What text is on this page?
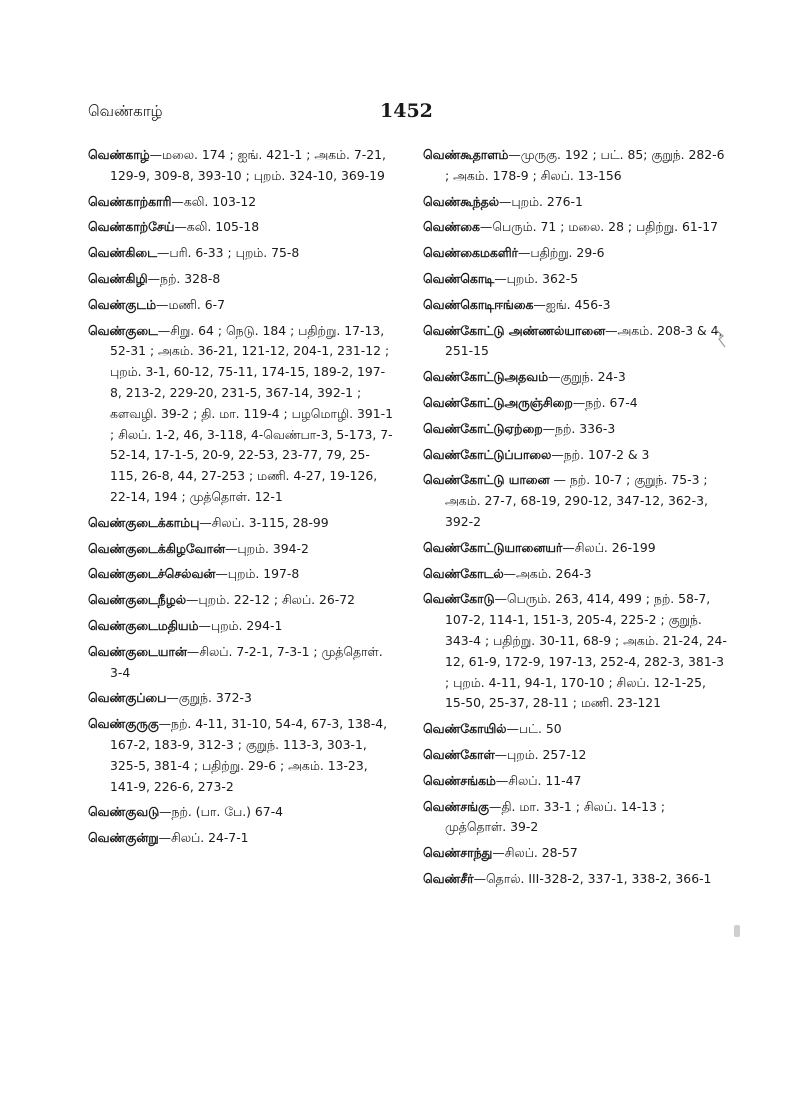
வெண்காழ்	1452

வெண்காழ்—மலை. 174 ; ஐங். 421-1 ; அகம். 7-21, 129-9, 309-8, 393-10 ; புறம். 324-10, 369-19

வெண்காற்காரி—கலி. 103-12

வெண்காற்சேய்—கலி. 105-18

வெண்கிடை—பரி. 6-33 ; புறம். 75-8

வெண்கிழி—நற். 328-8

வெண்குடம்—மணி. 6-7

வெண்குடை—சிறு. 64 ; நெடு. 184 ; பதிற்று. 17-13, 52-31 ; அகம். 36-21, 121-12, 204-1, 231-12 ; புறம். 3-1, 60-12, 75-11, 174-15, 189-2, 197-8, 213-2, 229-20, 231-5, 367-14, 392-1 ; களவழி. 39-2 ; தி. மா. 119-4 ; பழமொழி. 391-1 ; சிலப். 1-2, 46, 3-118, 4-வெண்பா-3, 5-173, 7-52-14, 17-1-5, 20-9, 22-53, 23-77, 79, 25-115, 26-8, 44, 27-253 ; மணி. 4-27, 19-126, 22-14, 194 ; முத்தொள். 12-1

வெண்குடைக்காம்பு—சிலப். 3-115, 28-99

வெண்குடைக்கிழவோன்—புறம். 394-2

வெண்குடைச்செல்வன்—புறம். 197-8

வெண்குடைநீழல்—புறம். 22-12 ; சிலப். 26-72

வெண்குடைமதியம்—புறம். 294-1

வெண்குடையான்—சிலப். 7-2-1, 7-3-1 ; முத்தொள். 3-4

வெண்குப்பை—குறுந். 372-3

வெண்குருகு—நற். 4-11, 31-10, 54-4, 67-3, 138-4, 167-2, 183-9, 312-3 ; குறுந். 113-3, 303-1, 325-5, 381-4 ; பதிற்று. 29-6 ; அகம். 13-23, 141-9, 226-6, 273-2

வெண்குவடு—நற். (பா. பே.) 67-4

வெண்குன்று—சிலப். 24-7-1

வெண்கூதாளம்—முருகு. 192 ; பட். 85; குறுந். 282-6 ; அகம். 178-9 ; சிலப். 13-156

வெண்கூந்தல்—புறம். 276-1

வெண்கை—பெரும். 71 ; மலை. 28 ; பதிற்று. 61-17

வெண்கைமகளிர்—பதிற்று. 29-6

வெண்கொடி—புறம். 362-5

வெண்கொடிஈங்கை—ஐங். 456-3

வெண்கோட்டு அண்ணல்யானை—அகம். 208-3 & 4, 251-15

வெண்கோட்டுஅதவம்—குறுந். 24-3

வெண்கோட்டுஅருஞ்சிறை—நற். 67-4

வெண்கோட்டுஏற்றை—நற். 336-3

வெண்கோட்டுப்பாலை—நற். 107-2 & 3

வெண்கோட்டு யானை — நற். 10-7 ; குறுந். 75-3 ; அகம். 27-7, 68-19, 290-12, 347-12, 362-3, 392-2

வெண்கோட்டுயானையர்—சிலப். 26-199

வெண்கோடல்—அகம். 264-3

வெண்கோடு—பெரும். 263, 414, 499 ; நற். 58-7, 107-2, 114-1, 151-3, 205-4, 225-2 ; குறுந். 343-4 ; பதிற்று. 30-11, 68-9 ; அகம். 21-24, 24-12, 61-9, 172-9, 197-13, 252-4, 282-3, 381-3 ; புறம். 4-11, 94-1, 170-10 ; சிலப். 12-1-25, 15-50, 25-37, 28-11 ; மணி. 23-121

வெண்கோயில்—பட். 50

வெண்கோள்—புறம். 257-12

வெண்சங்கம்—சிலப். 11-47

வெண்சங்கு—தி. மா. 33-1 ; சிலப். 14-13 ; முத்தொள். 39-2

வெண்சாந்து—சிலப். 28-57

வெண்சீர்—தொல். III-328-2, 337-1, 338-2, 366-1
